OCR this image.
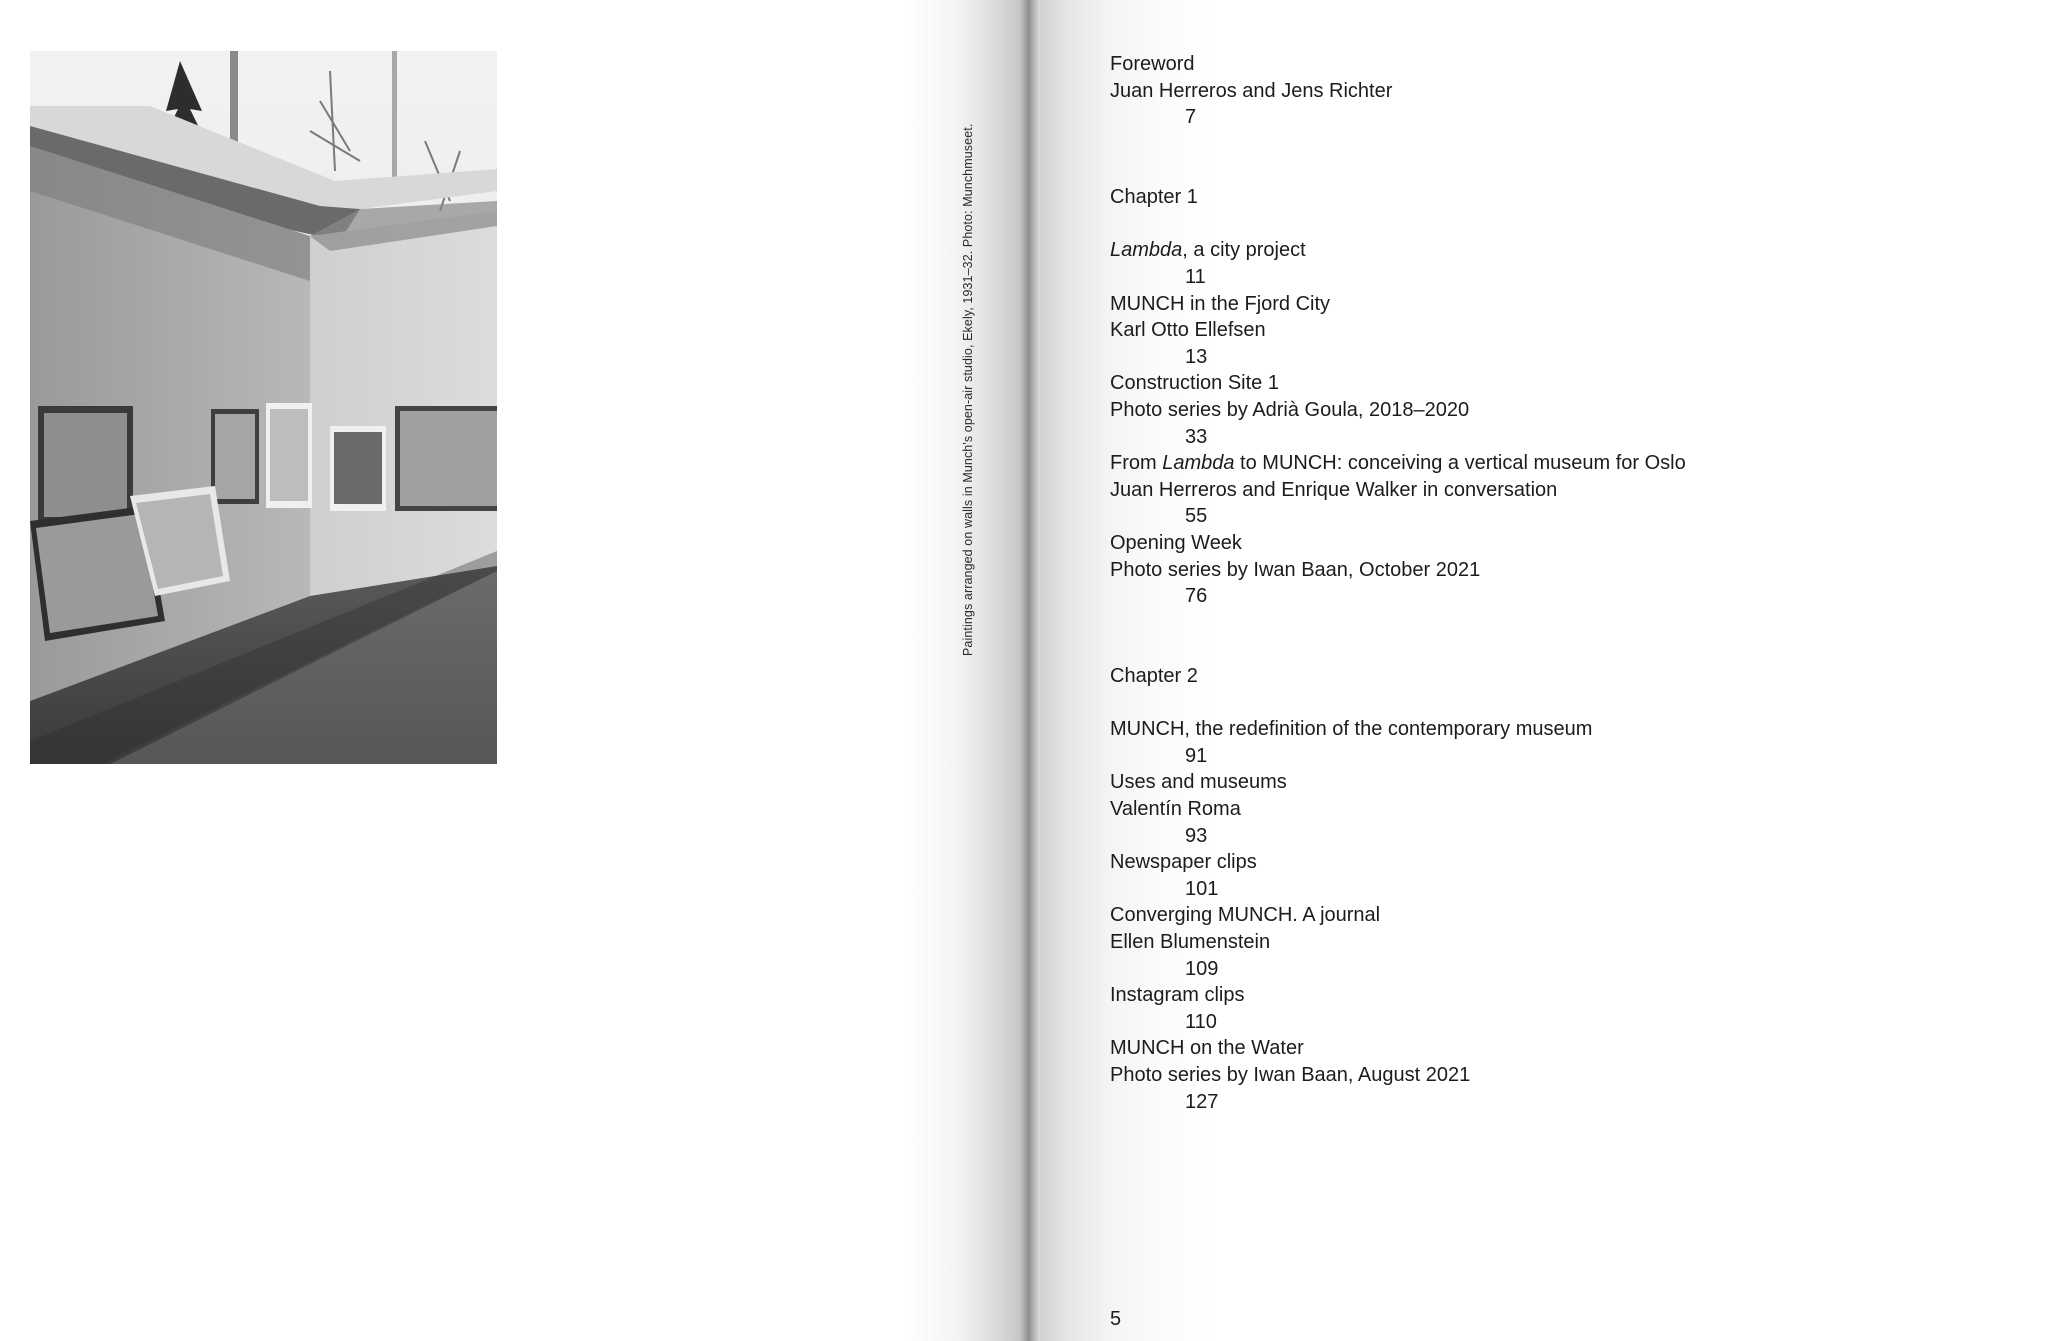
Paintings arranged on walls in Munch's open-air studio, Ekely, 1931–32. Photo: Munchmuseet.
Foreword
Juan Herreros and Jens Richter
7
Chapter 1
Lambda, a city project
11
MUNCH in the Fjord City
Karl Otto Ellefsen
13
Construction Site 1
Photo series by Adrià Goula, 2018–2020
33
From Lambda to MUNCH: conceiving a vertical museum for Oslo
Juan Herreros and Enrique Walker in conversation
55
Opening Week
Photo series by Iwan Baan, October 2021
76
Chapter 2
MUNCH, the redefinition of the contemporary museum
91
Uses and museums
Valentín Roma
93
Newspaper clips
101
Converging MUNCH. A journal
Ellen Blumenstein
109
Instagram clips
110
MUNCH on the Water
Photo series by Iwan Baan, August 2021
127
5
